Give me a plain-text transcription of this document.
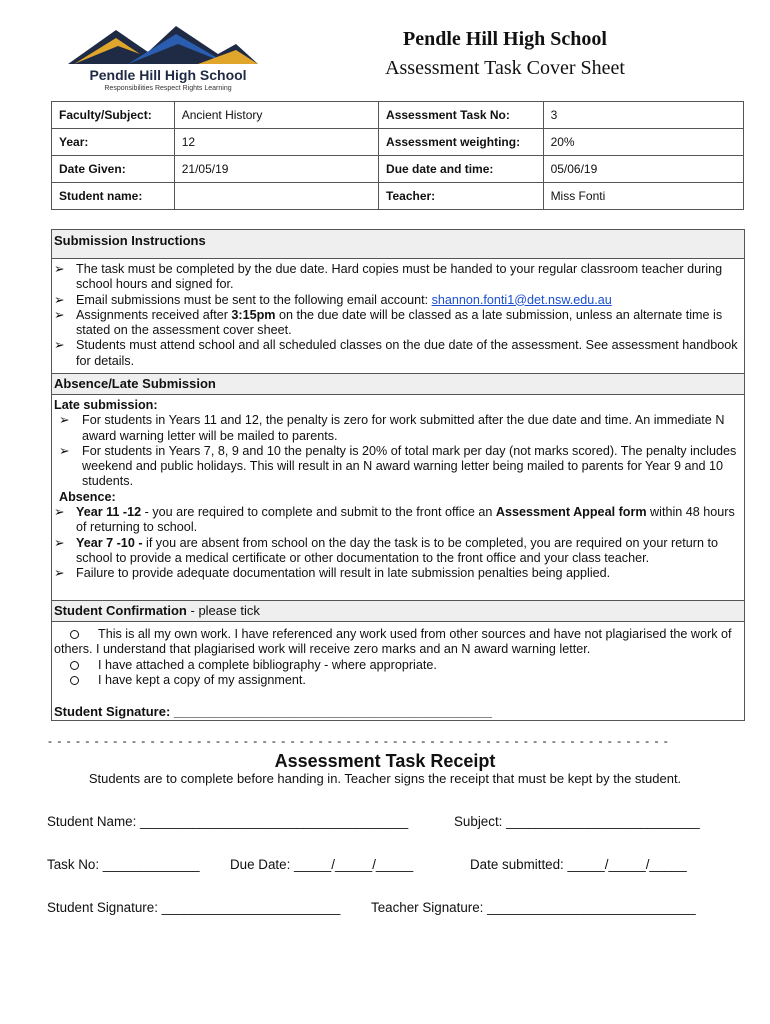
Pendle Hill High School
Responsibilities Respect Rights Learning
Pendle Hill High School
Assessment Task Cover Sheet
Faculty/Subject:	Ancient History	Assessment Task No:	3
Year:	12	Assessment weighting:	20%
Date Given:	21/05/19	Due date and time:	05/06/19
Student name:		Teacher:	Miss Fonti
Submission Instructions
➢ The task must be completed by the due date. Hard copies must be handed to your regular classroom teacher during school hours and signed for.
➢ Email submissions must be sent to the following email account: shannon.fonti1@det.nsw.edu.au
➢ Assignments received after 3:15pm on the due date will be classed as a late submission, unless an alternate time is stated on the assessment cover sheet.
➢ Students must attend school and all scheduled classes on the due date of the assessment. See assessment handbook for details.
Absence/Late Submission
Late submission:
➢ For students in Years 11 and 12, the penalty is zero for work submitted after the due date and time. An immediate N award warning letter will be mailed to parents.
➢ For students in Years 7, 8, 9 and 10 the penalty is 20% of total mark per day (not marks scored). The penalty includes weekend and public holidays. This will result in an N award warning letter being mailed to parents for Year 9 and 10 students.
Absence:
➢ Year 11 -12 - you are required to complete and submit to the front office an Assessment Appeal form within 48 hours of returning to school.
➢ Year 7 -10 - if you are absent from school on the day the task is to be completed, you are required on your return to school to provide a medical certificate or other documentation to the front office and your class teacher.
➢ Failure to provide adequate documentation will result in late submission penalties being applied.
Student Confirmation - please tick
This is all my own work. I have referenced any work used from other sources and have not plagiarised the work of others. I understand that plagiarised work will receive zero marks and an N award warning letter.
I have attached a complete bibliography - where appropriate.
I have kept a copy of my assignment.
Student Signature: ____________________________________________
- - - - - - - - - - - - - - - - - - - - - - - - - - - - - - - - - - - - - - - - - - - - - - - - - - - - - - - - - - - - - - - - - - -
Assessment Task Receipt
Students are to complete before handing in. Teacher signs the receipt that must be kept by the student.
Student Name: ____________________________________	Subject: __________________________
Task No: _____________ Due Date: _____/_____/_____	Date submitted: _____/_____/_____
Student Signature: ________________________ Teacher Signature: ____________________________
